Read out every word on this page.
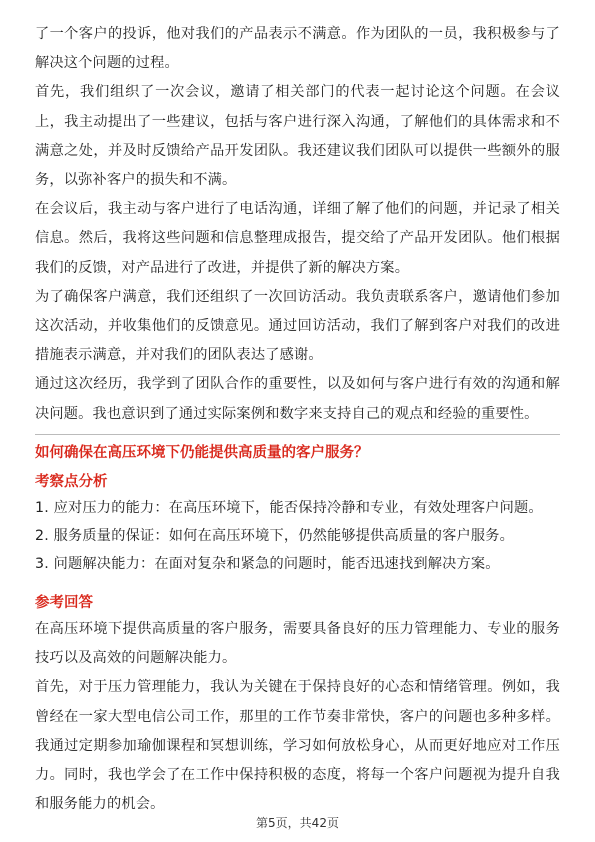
了一个客户的投诉，他对我们的产品表示不满意。作为团队的一员，我积极参与了解决这个问题的过程。

首先，我们组织了一次会议，邀请了相关部门的代表一起讨论这个问题。在会议上，我主动提出了一些建议，包括与客户进行深入沟通，了解他们的具体需求和不满意之处，并及时反馈给产品开发团队。我还建议我们团队可以提供一些额外的服务，以弥补客户的损失和不满。

在会议后，我主动与客户进行了电话沟通，详细了解了他们的问题，并记录了相关信息。然后，我将这些问题和信息整理成报告，提交给了产品开发团队。他们根据我们的反馈，对产品进行了改进，并提供了新的解决方案。

为了确保客户满意，我们还组织了一次回访活动。我负责联系客户，邀请他们参加这次活动，并收集他们的反馈意见。通过回访活动，我们了解到客户对我们的改进措施表示满意，并对我们的团队表达了感谢。

通过这次经历，我学到了团队合作的重要性，以及如何与客户进行有效的沟通和解决问题。我也意识到了通过实际案例和数字来支持自己的观点和经验的重要性。

如何确保在高压环境下仍能提供高质量的客户服务？

考察点分析

1. 应对压力的能力：在高压环境下，能否保持冷静和专业，有效处理客户问题。

2. 服务质量的保证：如何在高压环境下，仍然能够提供高质量的客户服务。

3. 问题解决能力：在面对复杂和紧急的问题时，能否迅速找到解决方案。

参考回答

在高压环境下提供高质量的客户服务，需要具备良好的压力管理能力、专业的服务技巧以及高效的问题解决能力。

首先，对于压力管理能力，我认为关键在于保持良好的心态和情绪管理。例如，我曾经在一家大型电信公司工作，那里的工作节奏非常快，客户的问题也多种多样。我通过定期参加瑜伽课程和冥想训练，学习如何放松身心，从而更好地应对工作压力。同时，我也学会了在工作中保持积极的态度，将每一个客户问题视为提升自我和服务能力的机会。

第5页，共42页
